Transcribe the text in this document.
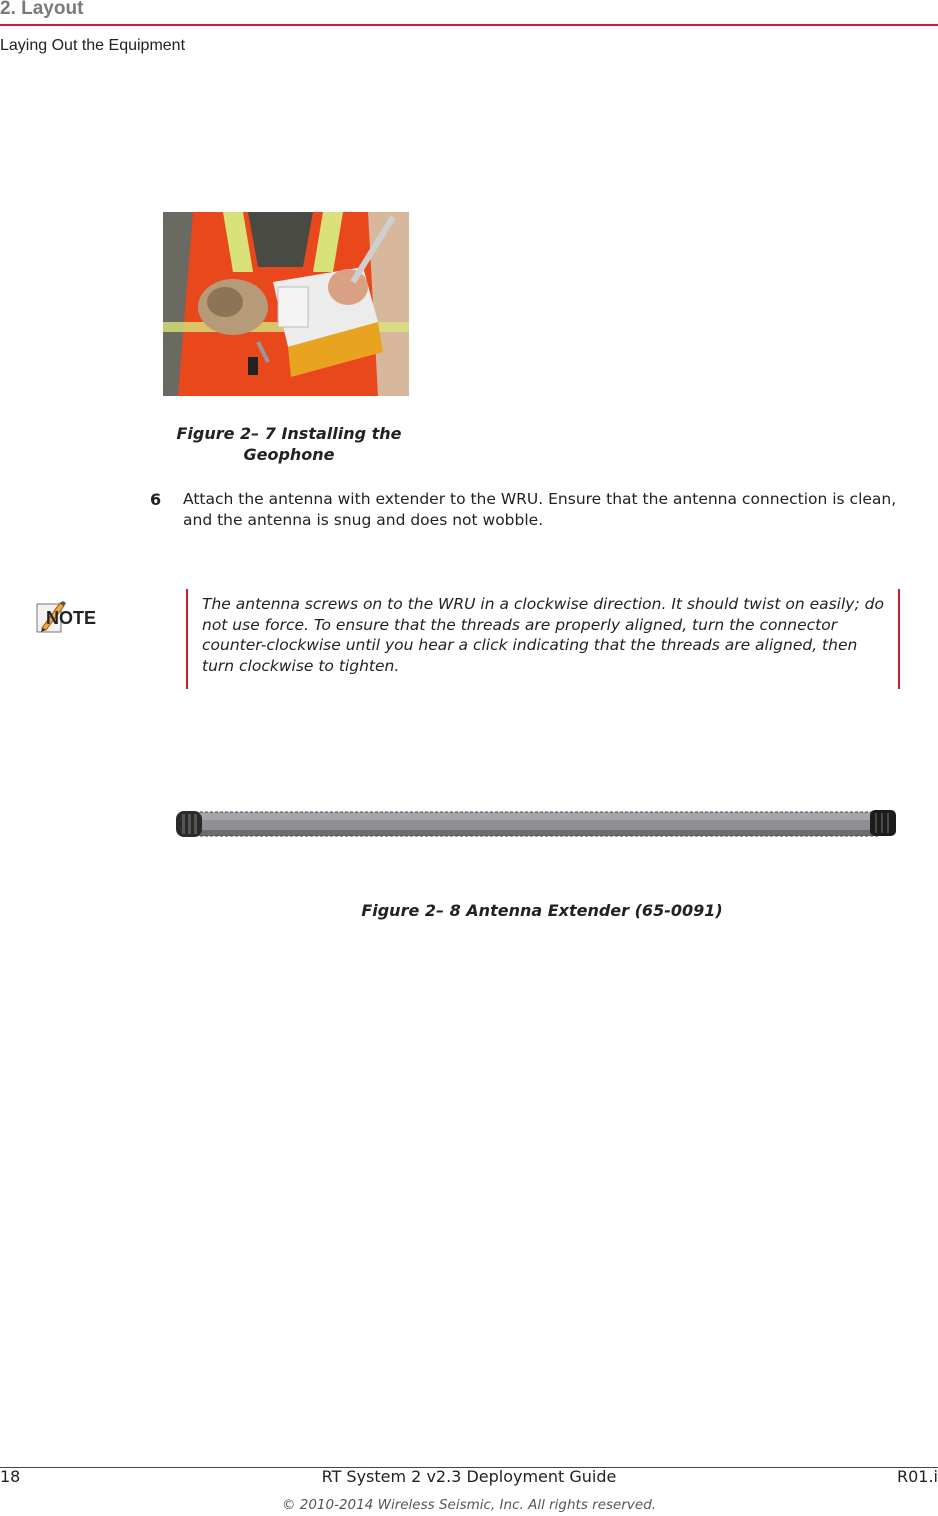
2. Layout
Laying Out the Equipment
Figure 2– 7 Installing the Geophone
6 Attach the antenna with extender to the WRU. Ensure that the antenna connection is clean, and the antenna is snug and does not wobble.
NOTE
The antenna screws on to the WRU in a clockwise direction. It should twist on easily; do not use force. To ensure that the threads are properly aligned, turn the connector counter-clockwise until you hear a click indicating that the threads are aligned, then turn clockwise to tighten.
Figure 2– 8 Antenna Extender (65-0091)
18	RT System 2 v2.3 Deployment Guide	R01.i
© 2010-2014 Wireless Seismic, Inc. All rights reserved.
